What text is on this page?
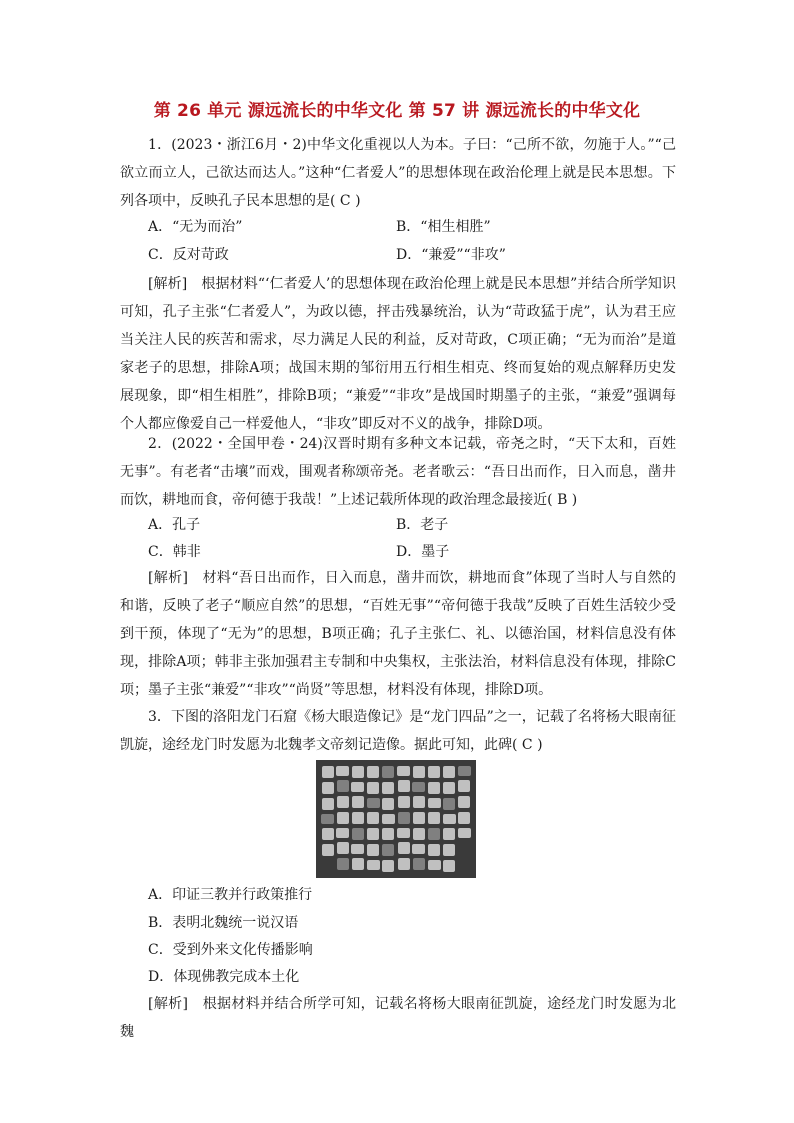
第 26 单元 源远流长的中华文化 第 57 讲 源远流长的中华文化
1．(2023・浙江6月・2)中华文化重视以人为本。子曰：“己所不欲，勿施于人。”“己欲立而立人，己欲达而达人。”这种“仁者爱人”的思想体现在政治伦理上就是民本思想。下列各项中，反映孔子民本思想的是( C )
A．“无为而治”	B．“相生相胜”
C．反对苛政	D．“兼爱”“非攻”
[解析]　根据材料“‘仁者爱人’的思想体现在政治伦理上就是民本思想”并结合所学知识可知，孔子主张“仁者爱人”，为政以德，抨击残暴统治，认为“苛政猛于虎”，认为君王应当关注人民的疾苦和需求，尽力满足人民的利益，反对苛政，C项正确；“无为而治”是道家老子的思想，排除A项；战国末期的邹衍用五行相生相克、终而复始的观点解释历史发展现象，即“相生相胜”，排除B项；“兼爱”“非攻”是战国时期墨子的主张，“兼爱”强调每个人都应像爱自己一样爱他人，“非攻”即反对不义的战争，排除D项。
2．(2022・全国甲卷・24)汉晋时期有多种文本记载，帝尧之时，“天下太和，百姓无事”。有老者“击壤”而戏，围观者称颂帝尧。老者歌云：“吾日出而作，日入而息，凿井而饮，耕地而食，帝何德于我哉！”上述记载所体现的政治理念最接近( B )
A．孔子	B．老子
C．韩非	D．墨子
[解析]　材料“吾日出而作，日入而息，凿井而饮，耕地而食”体现了当时人与自然的和谐，反映了老子“顺应自然”的思想，“百姓无事”“帝何德于我哉”反映了百姓生活较少受到干预，体现了“无为”的思想，B项正确；孔子主张仁、礼、以德治国，材料信息没有体现，排除A项；韩非主张加强君主专制和中央集权，主张法治，材料信息没有体现，排除C项；墨子主张“兼爱”“非攻”“尚贤”等思想，材料没有体现，排除D项。
3．下图的洛阳龙门石窟《杨大眼造像记》是“龙门四品”之一，记载了名将杨大眼南征凯旋，途经龙门时发愿为北魏孝文帝刻记造像。据此可知，此碑( C )
A．印证三教并行政策推行
B．表明北魏统一说汉语
C．受到外来文化传播影响
D．体现佛教完成本土化
[解析]　根据材料并结合所学可知，记载名将杨大眼南征凯旋，途经龙门时发愿为北魏
